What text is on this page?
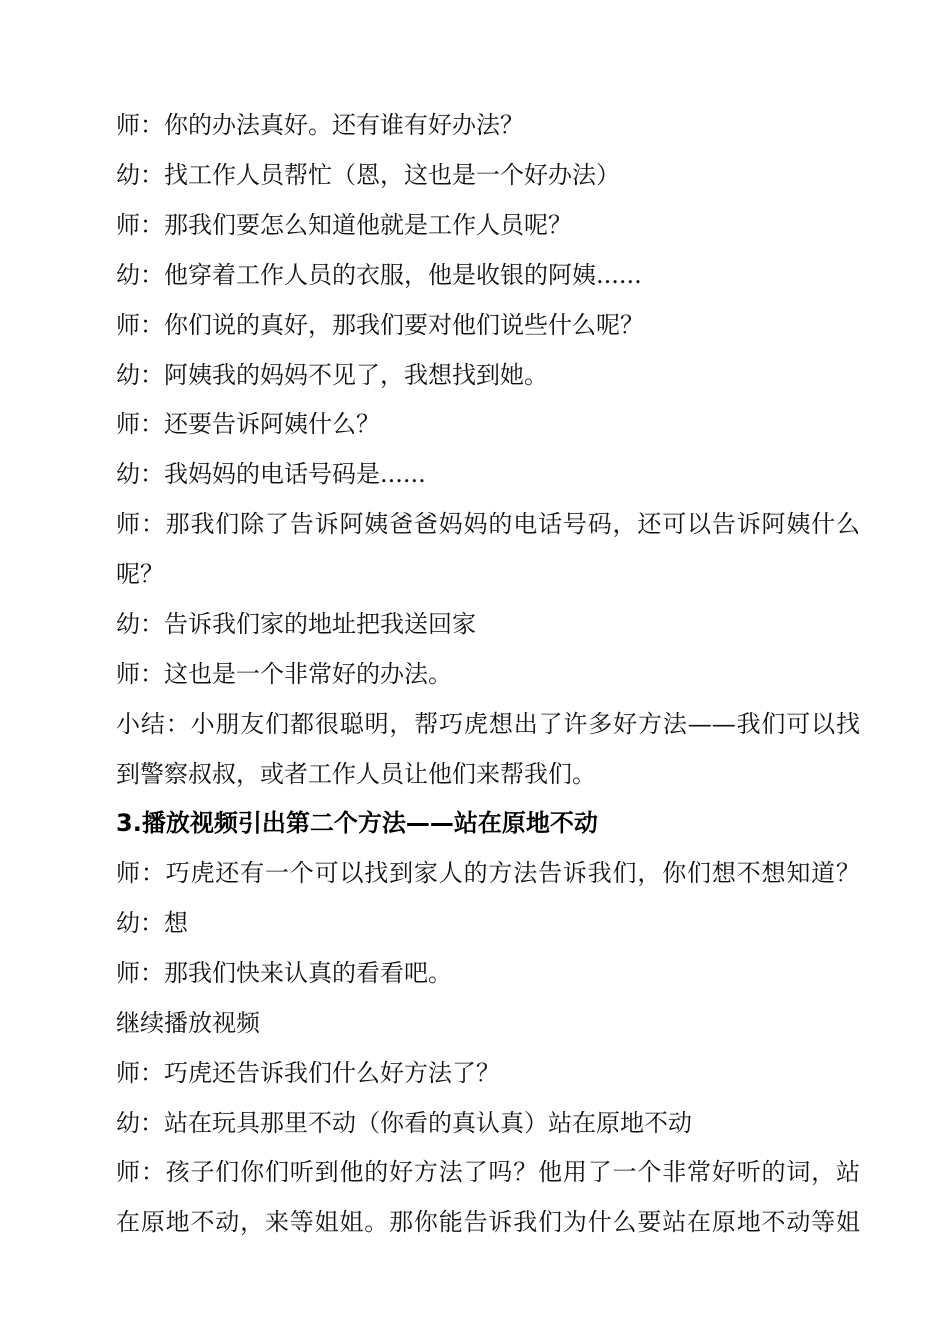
师：你的办法真好。还有谁有好办法？
幼：找工作人员帮忙（恩，这也是一个好办法）
师：那我们要怎么知道他就是工作人员呢？
幼：他穿着工作人员的衣服，他是收银的阿姨......
师：你们说的真好，那我们要对他们说些什么呢？
幼：阿姨我的妈妈不见了，我想找到她。
师：还要告诉阿姨什么？
幼：我妈妈的电话号码是......
师：那我们除了告诉阿姨爸爸妈妈的电话号码，还可以告诉阿姨什么
呢？
幼：告诉我们家的地址把我送回家
师：这也是一个非常好的办法。
小结：小朋友们都很聪明，帮巧虎想出了许多好方法——我们可以找
到警察叔叔，或者工作人员让他们来帮我们。
3.播放视频引出第二个方法——站在原地不动
师：巧虎还有一个可以找到家人的方法告诉我们，你们想不想知道？
幼：想
师：那我们快来认真的看看吧。
继续播放视频
师：巧虎还告诉我们什么好方法了？
幼：站在玩具那里不动（你看的真认真）站在原地不动
师：孩子们你们听到他的好方法了吗？他用了一个非常好听的词，站
在原地不动，来等姐姐。那你能告诉我们为什么要站在原地不动等姐
